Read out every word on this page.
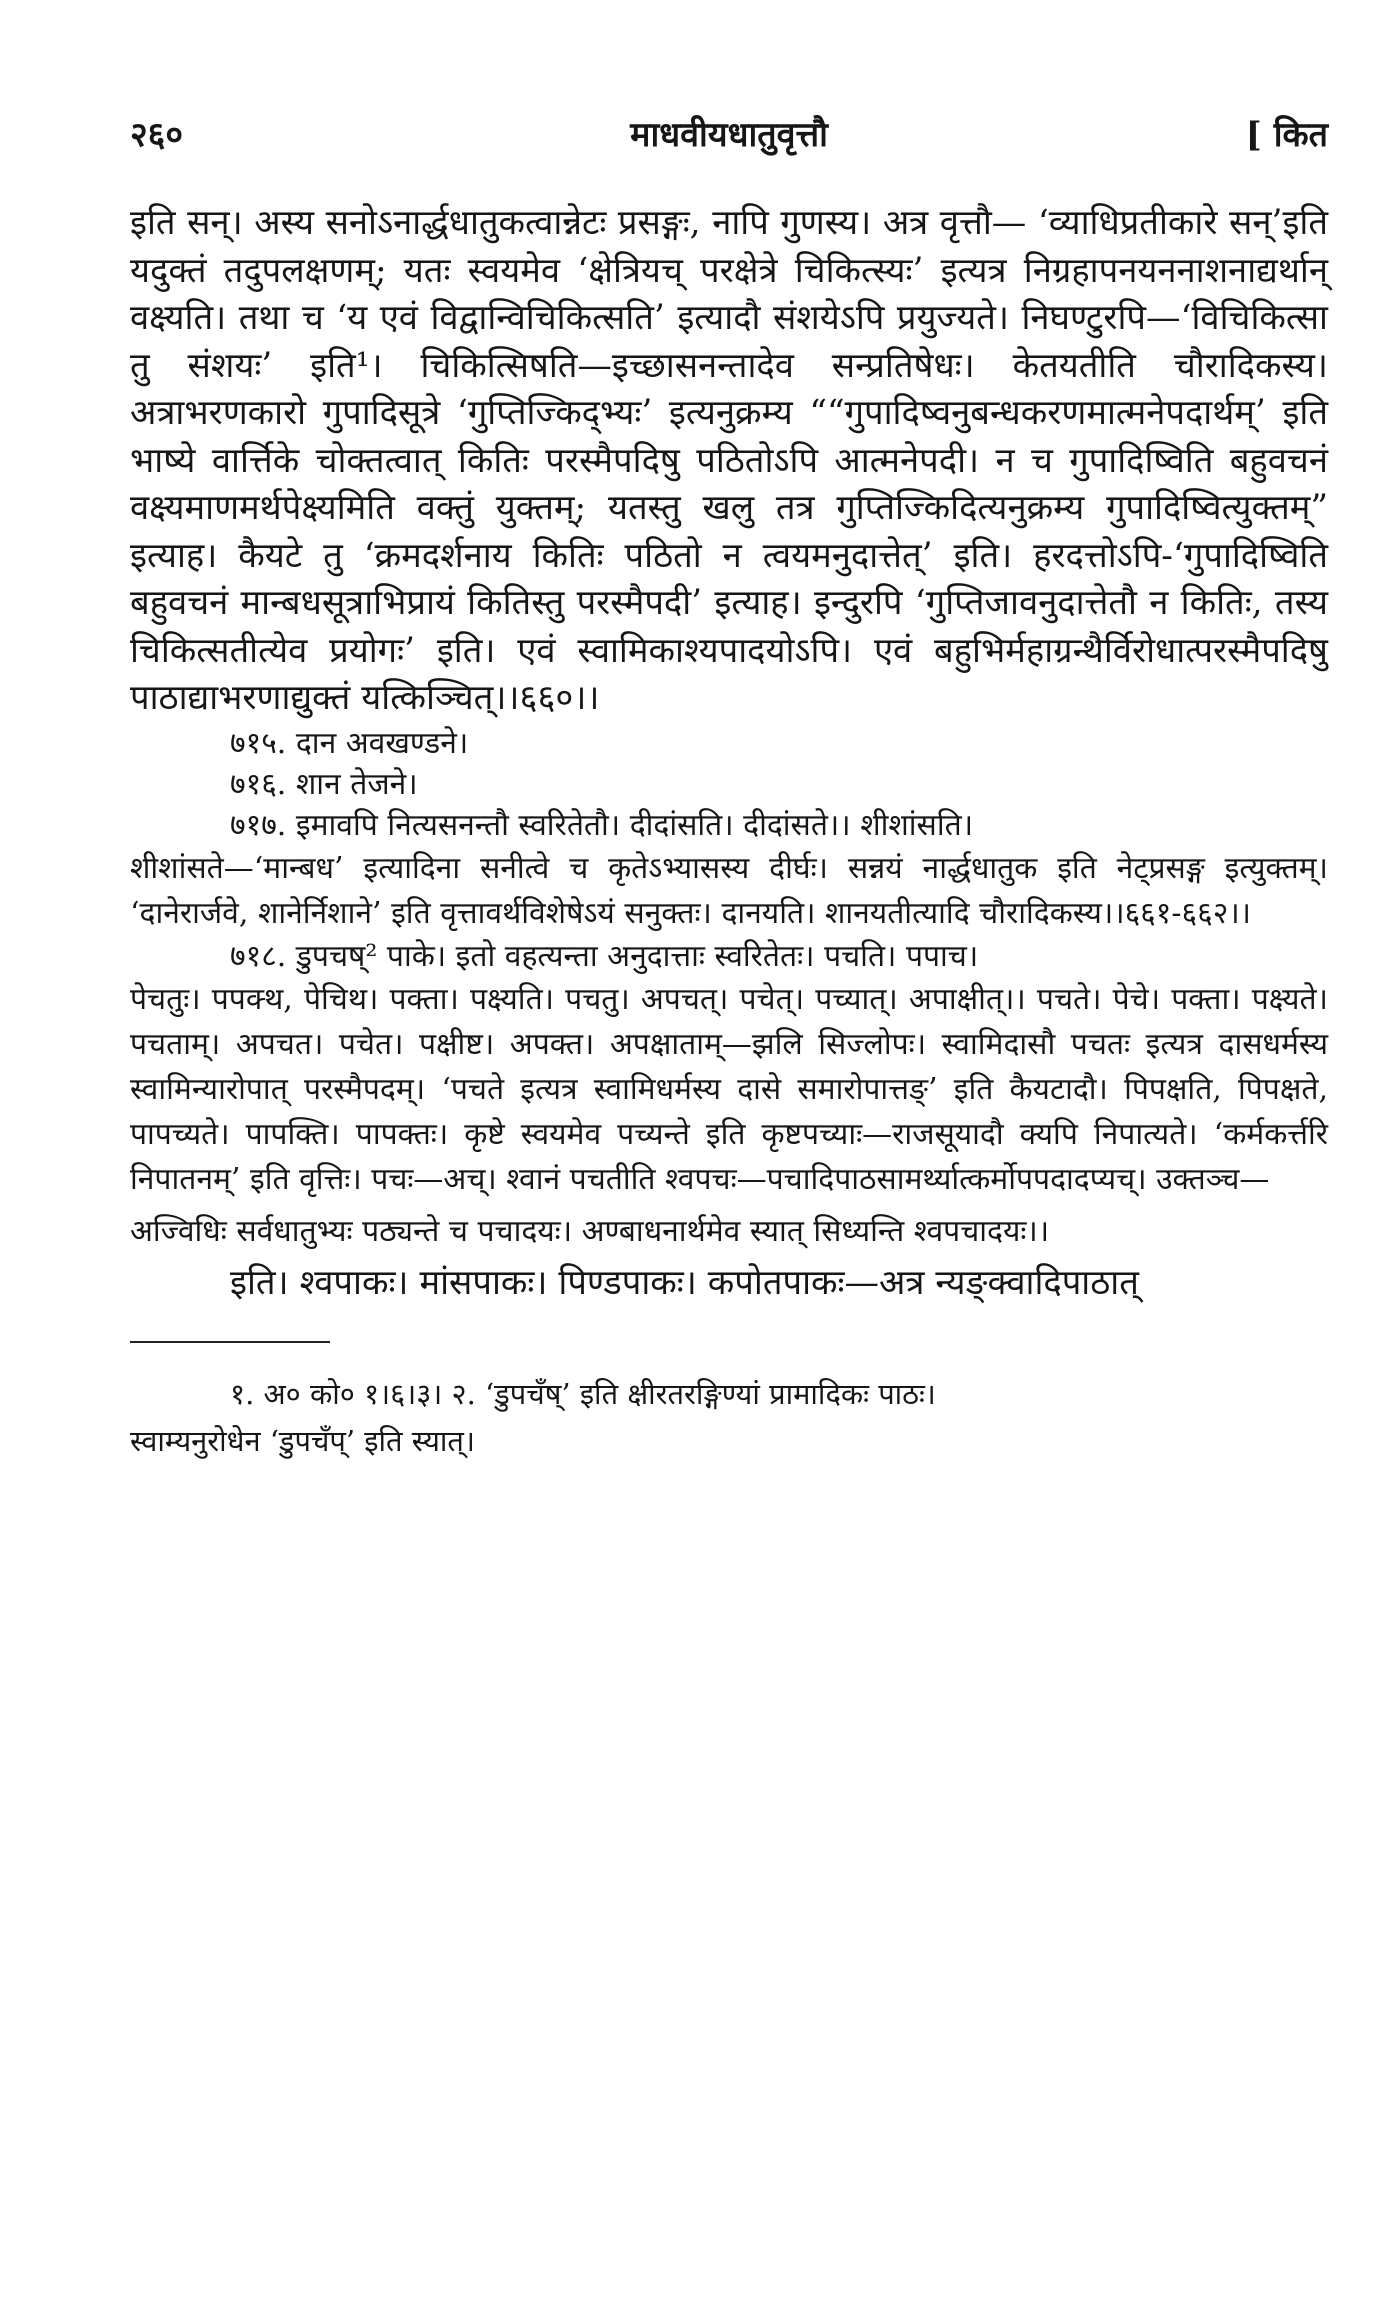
२६०	माधवीयधातुवृत्तौ	[ कित

इति सन्। अस्य सनोऽनार्द्धधातुकत्वान्नेटः प्रसङ्गः, नापि गुणस्य। अत्र वृत्तौ— ‘व्याधिप्रतीकारे सन्’इति यदुक्तं तदुपलक्षणम्; यतः स्वयमेव ‘क्षेत्रियच् परक्षेत्रे चिकित्स्यः’ इत्यत्र निग्रहापनयननाशनाद्यर्थान् वक्ष्यति। तथा च ‘य एवं विद्वान्विचिकित्सति’ इत्यादौ संशयेऽपि प्रयुज्यते। निघण्टुरपि—‘विचिकित्सा तु संशयः’ इति¹। चिकित्सिषति—इच्छासनन्तादेव सन्प्रतिषेधः। केतयतीति चौरादिकस्य। अत्राभरणकारो गुपादिसूत्रे ‘गुप्तिज्किद्भ्यः’ इत्यनुक्रम्य ““गुपादिष्वनुबन्धकरणमात्मनेपदार्थम्’ इति भाष्ये वार्त्तिके चोक्तत्वात् कितिः परस्मैपदिषु पठितोऽपि आत्मनेपदी। न च गुपादिष्विति बहुवचनं वक्ष्यमाणमर्थपेक्ष्यमिति वक्तुं युक्तम्; यतस्तु खलु तत्र गुप्तिज्किदित्यनुक्रम्य गुपादिष्वित्युक्तम्” इत्याह। कैयटे तु ‘क्रमदर्शनाय कितिः पठितो न त्वयमनुदात्तेत्’ इति। हरदत्तोऽपि-‘गुपादिष्विति बहुवचनं मान्बधसूत्राभिप्रायं कितिस्तु परस्मैपदी’ इत्याह। इन्दुरपि ‘गुप्तिजावनुदात्तेतौ न कितिः, तस्य चिकित्सतीत्येव प्रयोगः’ इति। एवं स्वामिकाश्यपादयोऽपि। एवं बहुभिर्महाग्रन्थैर्विरोधात्परस्मैपदिषु पाठाद्याभरणाद्युक्तं यत्किञ्चित्।।६६०।।

७१५. दान अवखण्डने।

७१६. शान तेजने।

७१७. इमावपि नित्यसनन्तौ स्वरितेतौ। दीदांसति। दीदांसते।। शीशांसति।

शीशांसते—‘मान्बध’ इत्यादिना सनीत्वे च कृतेऽभ्यासस्य दीर्घः। सन्नयं नार्द्धधातुक इति नेट्प्रसङ्ग इत्युक्तम्। ‘दानेरार्जवे, शानेर्निशाने’ इति वृत्तावर्थविशेषेऽयं सनुक्तः। दानयति। शानयतीत्यादि चौरादिकस्य।।६६१-६६२।।

७१८. डुपचष्² पाके। इतो वहत्यन्ता अनुदात्ताः स्वरितेतः। पचति। पपाच।

पेचतुः। पपक्थ, पेचिथ। पक्ता। पक्ष्यति। पचतु। अपचत्। पचेत्। पच्यात्। अपाक्षीत्।। पचते। पेचे। पक्ता। पक्ष्यते। पचताम्। अपचत। पचेत। पक्षीष्ट। अपक्त। अपक्षाताम्—झलि सिज्लोपः। स्वामिदासौ पचतः इत्यत्र दासधर्मस्य स्वामिन्यारोपात् परस्मैपदम्। ‘पचते इत्यत्र स्वामिधर्मस्य दासे समारोपात्तङ्’ इति कैयटादौ। पिपक्षति, पिपक्षते, पापच्यते। पापक्ति। पापक्तः। कृष्टे स्वयमेव पच्यन्ते इति कृष्टपच्याः—राजसूयादौ क्यपि निपात्यते। ‘कर्मकर्त्तरि निपातनम्’ इति वृत्तिः। पचः—अच्। श्वानं पचतीति श्वपचः—पचादिपाठसामर्थ्यात्कर्मोपपदादप्यच्। उक्तञ्च—

अज्विधिः सर्वधातुभ्यः पठ्यन्ते च पचादयः। अण्बाधनार्थमेव स्यात् सिध्यन्ति श्वपचादयः।।

इति। श्वपाकः। मांसपाकः। पिण्डपाकः। कपोतपाकः—अत्र न्यङ्क्वादिपाठात्

१. अ० को० १।६।३। २. ‘डुपचँष्’ इति क्षीरतरङ्गिण्यां प्रामादिकः पाठः।

स्वाम्यनुरोधेन ‘डुपचँप्’ इति स्यात्।
